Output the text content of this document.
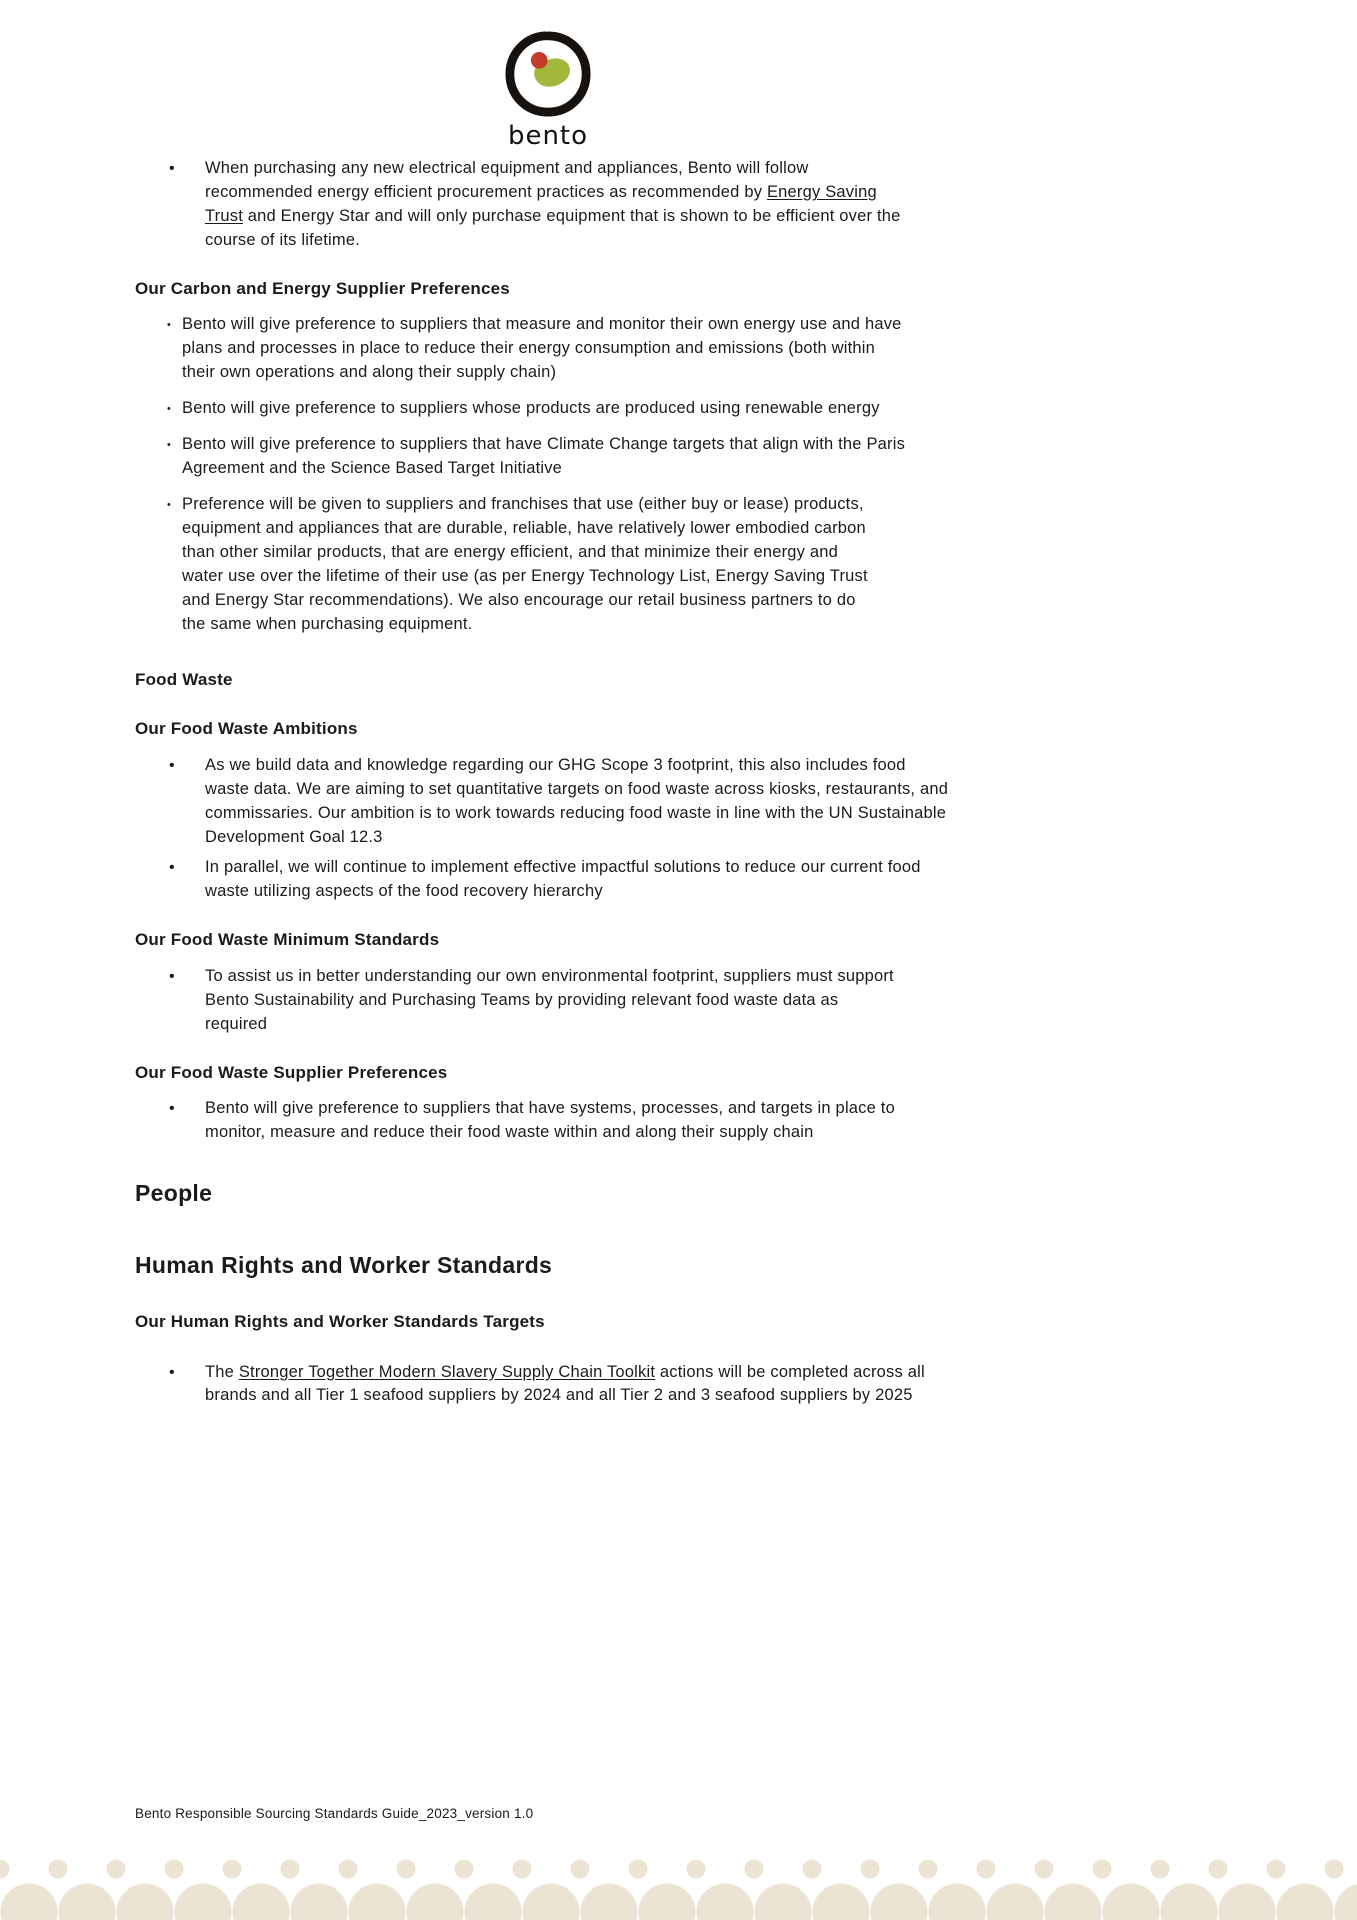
bento
•	When purchasing any new electrical equipment and appliances, Bento will follow recommended energy efficient procurement practices as recommended by Energy Saving Trust and Energy Star and will only purchase equipment that is shown to be efficient over the course of its lifetime.
Our Carbon and Energy Supplier Preferences
• Bento will give preference to suppliers that measure and monitor their own energy use and have plans and processes in place to reduce their energy consumption and emissions (both within their own operations and along their supply chain)
• Bento will give preference to suppliers whose products are produced using renewable energy
• Bento will give preference to suppliers that have Climate Change targets that align with the Paris Agreement and the Science Based Target Initiative
• Preference will be given to suppliers and franchises that use (either buy or lease) products, equipment and appliances that are durable, reliable, have relatively lower embodied carbon than other similar products, that are energy efficient, and that minimize their energy and water use over the lifetime of their use (as per Energy Technology List, Energy Saving Trust and Energy Star recommendations). We also encourage our retail business partners to do the same when purchasing equipment.
Food Waste
Our Food Waste Ambitions
•	As we build data and knowledge regarding our GHG Scope 3 footprint, this also includes food waste data. We are aiming to set quantitative targets on food waste across kiosks, restaurants, and commissaries. Our ambition is to work towards reducing food waste in line with the UN Sustainable Development Goal 12.3
•	In parallel, we will continue to implement effective impactful solutions to reduce our current food waste utilizing aspects of the food recovery hierarchy
Our Food Waste Minimum Standards
•	To assist us in better understanding our own environmental footprint, suppliers must support Bento Sustainability and Purchasing Teams by providing relevant food waste data as required
Our Food Waste Supplier Preferences
•	Bento will give preference to suppliers that have systems, processes, and targets in place to monitor, measure and reduce their food waste within and along their supply chain
People
Human Rights and Worker Standards
Our Human Rights and Worker Standards Targets
•	The Stronger Together Modern Slavery Supply Chain Toolkit actions will be completed across all brands and all Tier 1 seafood suppliers by 2024 and all Tier 2 and 3 seafood suppliers by 2025
Bento Responsible Sourcing Standards Guide_2023_version 1.0
